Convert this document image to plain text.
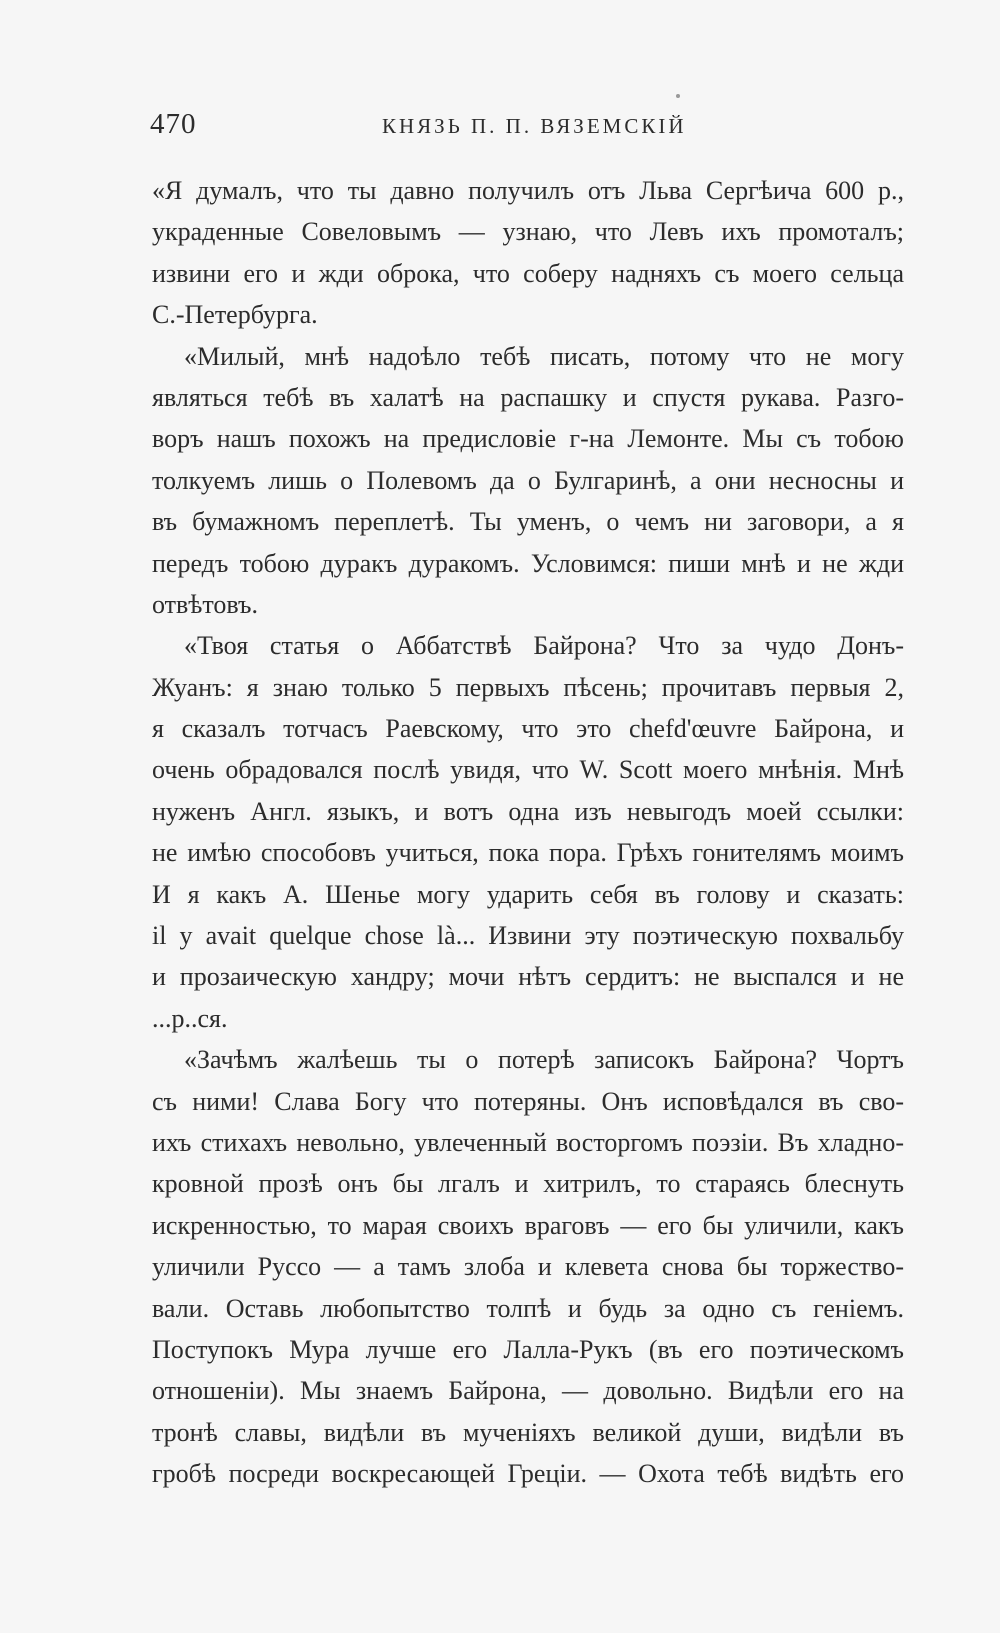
470	КНЯЗЬ П. П. ВЯЗЕМСКІЙ
«Я думалъ, что ты давно получилъ отъ Льва Сергѣича 600 р.,
украденные Совеловымъ — узнаю, что Левъ ихъ промоталъ;
извини его и жди оброка, что соберу надняхъ съ моего сельца
С.-Петербурга.
«Милый, мнѣ надоѣло тебѣ писать, потому что не могу
являться тебѣ въ халатѣ на распашку и спустя рукава. Разго-
воръ нашъ похожъ на предисловіе г-на Лемонте. Мы съ тобою
толкуемъ лишь о Полевомъ да о Булгаринѣ, а они несносны и
въ бумажномъ переплетѣ. Ты уменъ, о чемъ ни заговори, а я
передъ тобою дуракъ дуракомъ. Условимся: пиши мнѣ и не жди
отвѣтовъ.
«Твоя статья о Аббатствѣ Байрона? Что за чудо Донъ-
Жуанъ: я знаю только 5 первыхъ пѣсень; прочитавъ первыя 2,
я сказалъ тотчасъ Раевскому, что это chefd'œuvre Байрона, и
очень обрадовался послѣ увидя, что W. Scott моего мнѣнія. Мнѣ
нуженъ Англ. языкъ, и вотъ одна изъ невыгодъ моей ссылки:
не имѣю способовъ учиться, пока пора. Грѣхъ гонителямъ моимъ
И я какъ А. Шенье могу ударить себя въ голову и сказать:
il y avait quelque chose là... Извини эту поэтическую похвальбу
и прозаическую хандру; мочи нѣтъ сердитъ: не выспался и не
...р..ся.
«Зачѣмъ жалѣешь ты о потерѣ записокъ Байрона? Чортъ
съ ними! Слава Богу что потеряны. Онъ исповѣдался въ сво-
ихъ стихахъ невольно, увлеченный восторгомъ поэзіи. Въ хладно-
кровной прозѣ онъ бы лгалъ и хитрилъ, то стараясь блеснуть
искренностью, то марая своихъ враговъ — его бы уличили, какъ
уличили Руссо — а тамъ злоба и клевета снова бы торжество-
вали. Оставь любопытство толпѣ и будь за одно съ геніемъ.
Поступокъ Мура лучше его Лалла-Рукъ (въ его поэтическомъ
отношеніи). Мы знаемъ Байрона, — довольно. Видѣли его на
тронѣ славы, видѣли въ мученіяхъ великой души, видѣли въ
гробѣ посреди воскресающей Греціи. — Охота тебѣ видѣть его
